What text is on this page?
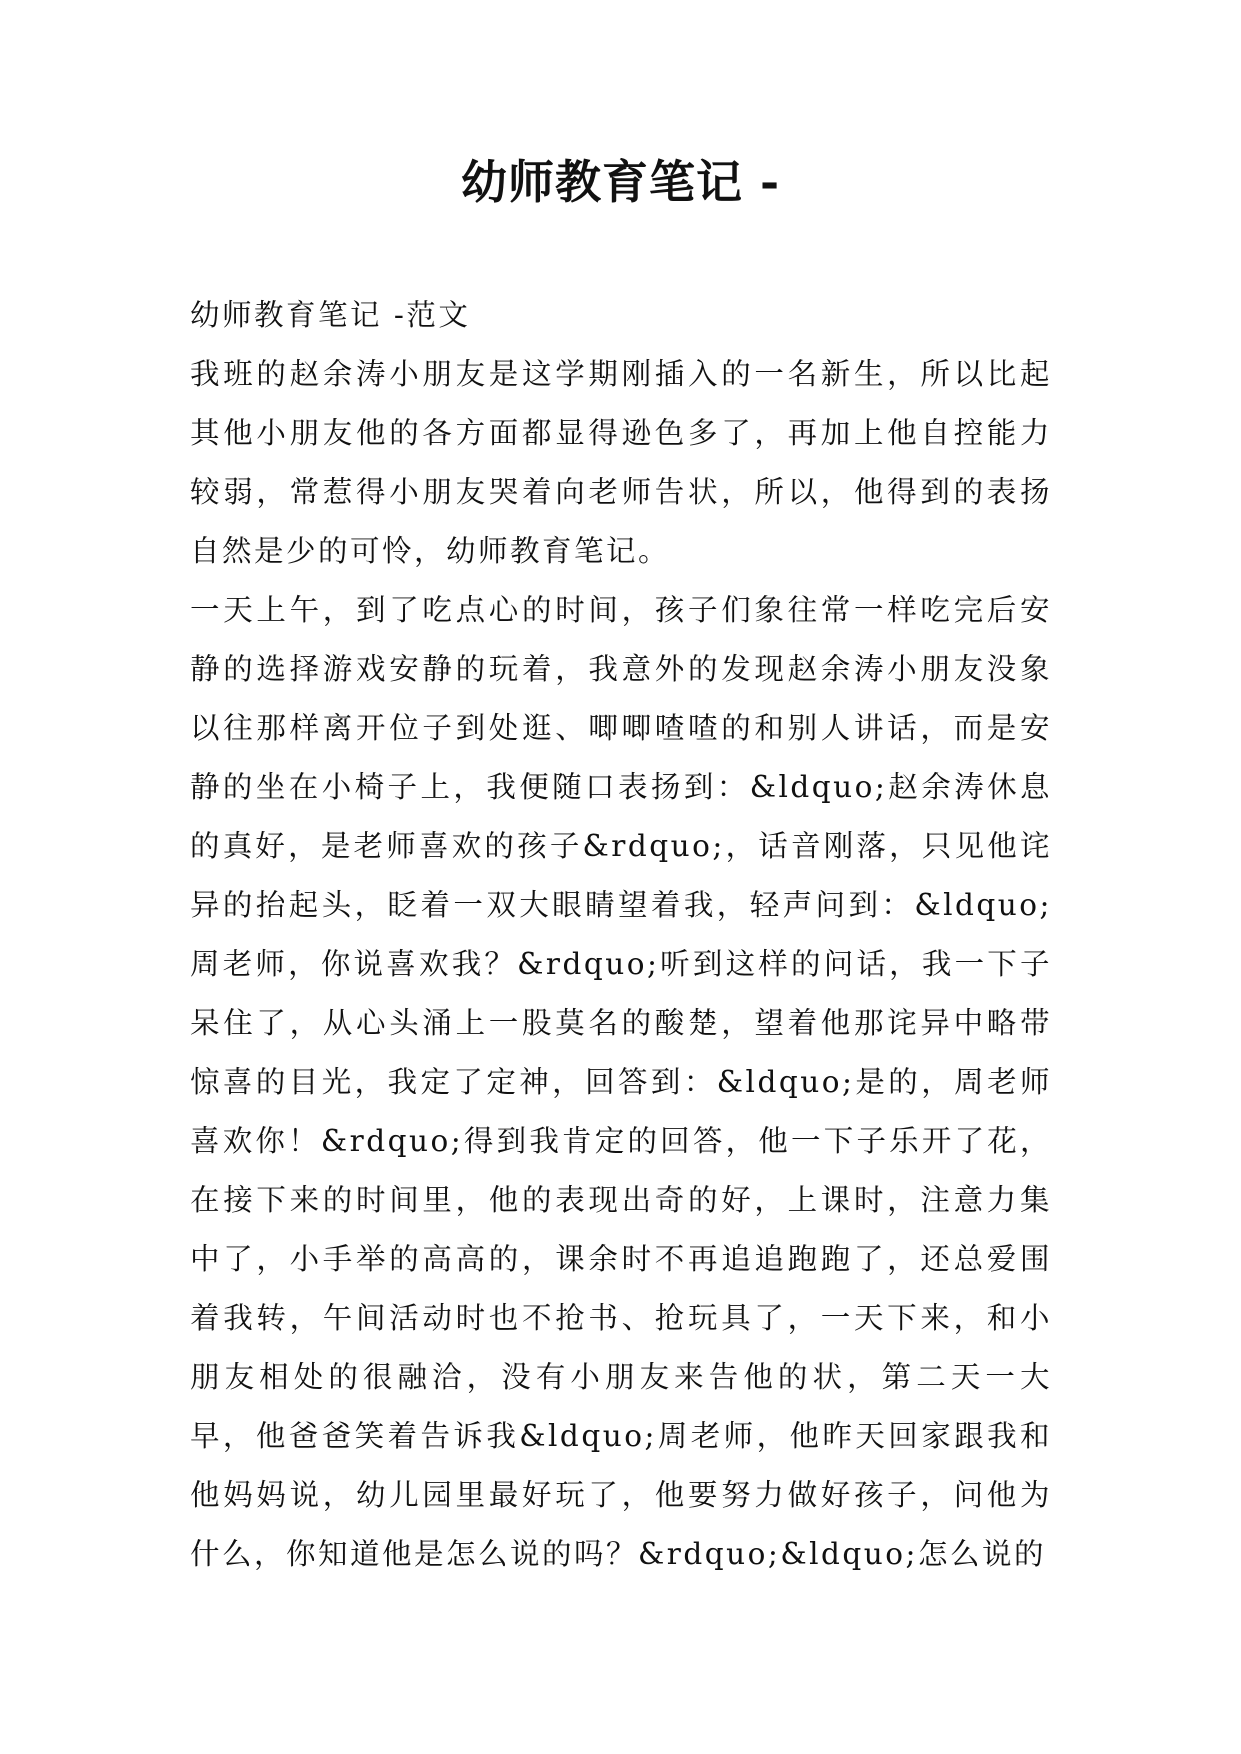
幼师教育笔记 -

幼师教育笔记 -范文

我班的赵余涛小朋友是这学期刚插入的一名新生，所以比起其他小朋友他的各方面都显得逊色多了，再加上他自控能力较弱，常惹得小朋友哭着向老师告状，所以，他得到的表扬自然是少的可怜，幼师教育笔记。

一天上午，到了吃点心的时间，孩子们象往常一样吃完后安静的选择游戏安静的玩着，我意外的发现赵余涛小朋友没象以往那样离开位子到处逛、唧唧喳喳的和别人讲话，而是安静的坐在小椅子上，我便随口表扬到：&ldquo;赵余涛休息的真好，是老师喜欢的孩子&rdquo;，话音刚落，只见他诧异的抬起头，眨着一双大眼睛望着我，轻声问到：&ldquo;周老师，你说喜欢我？&rdquo;听到这样的问话，我一下子呆住了，从心头涌上一股莫名的酸楚，望着他那诧异中略带惊喜的目光，我定了定神，回答到：&ldquo;是的，周老师喜欢你！&rdquo;得到我肯定的回答，他一下子乐开了花，在接下来的时间里，他的表现出奇的好，上课时，注意力集中了，小手举的高高的，课余时不再追追跑跑了，还总爱围着我转，午间活动时也不抢书、抢玩具了，一天下来，和小朋友相处的很融洽，没有小朋友来告他的状，第二天一大早，他爸爸笑着告诉我&ldquo;周老师，他昨天回家跟我和他妈妈说，幼儿园里最好玩了，他要努力做好孩子，问他为什么，你知道他是怎么说的吗？&rdquo;&ldquo;怎么说的
